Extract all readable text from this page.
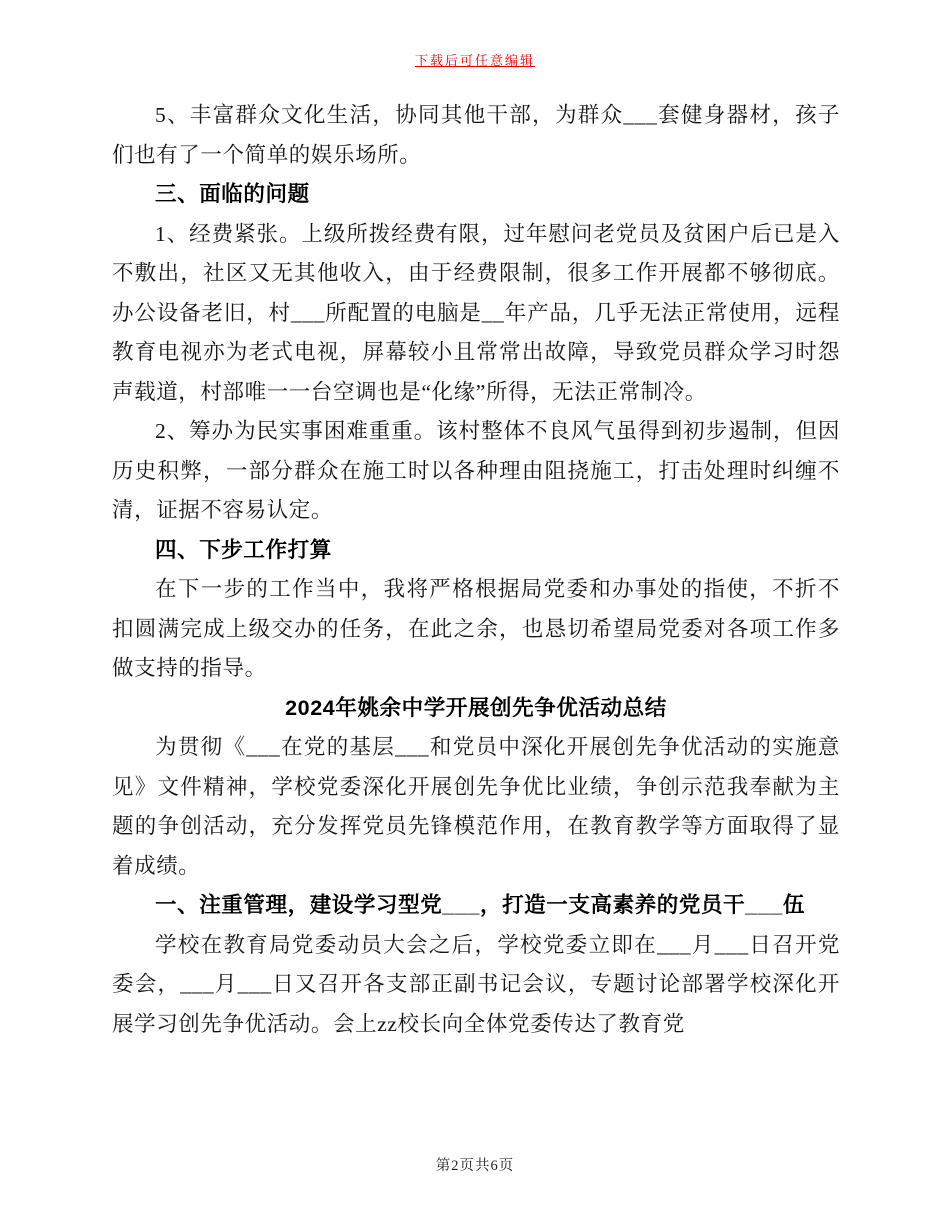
下载后可任意编辑

5、丰富群众文化生活，协同其他干部，为群众___套健身器材，孩子们也有了一个简单的娱乐场所。

三、面临的问题

1、经费紧张。上级所拨经费有限，过年慰问老党员及贫困户后已是入不敷出，社区又无其他收入，由于经费限制，很多工作开展都不够彻底。办公设备老旧，村___所配置的电脑是__年产品，几乎无法正常使用，远程教育电视亦为老式电视，屏幕较小且常常出故障，导致党员群众学习时怨声载道，村部唯一一台空调也是“化缘”所得，无法正常制冷。

2、筹办为民实事困难重重。该村整体不良风气虽得到初步遏制，但因历史积弊，一部分群众在施工时以各种理由阻挠施工，打击处理时纠缠不清，证据不容易认定。

四、下步工作打算

在下一步的工作当中，我将严格根据局党委和办事处的指使，不折不扣圆满完成上级交办的任务，在此之余，也恳切希望局党委对各项工作多做支持的指导。

2024年姚余中学开展创先争优活动总结

为贯彻《___在党的基层___和党员中深化开展创先争优活动的实施意见》文件精神，学校党委深化开展创先争优比业绩，争创示范我奉献为主题的争创活动，充分发挥党员先锋模范作用，在教育教学等方面取得了显着成绩。

一、注重管理，建设学习型党___，打造一支高素养的党员干___伍

学校在教育局党委动员大会之后，学校党委立即在___月___日召开党委会，___月___日又召开各支部正副书记会议，专题讨论部署学校深化开展学习创先争优活动。会上zz校长向全体党委传达了教育党

第2页共6页
